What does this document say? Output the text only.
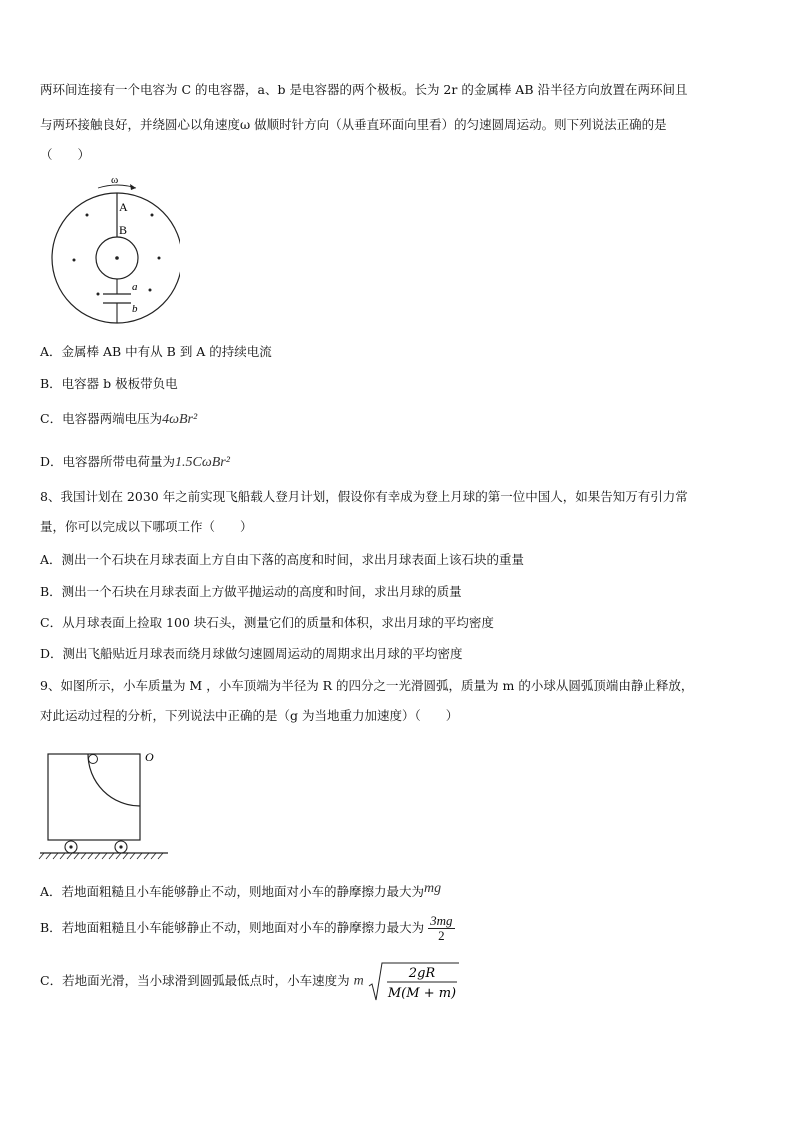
两环间连接有一个电容为 C 的电容器，a、b 是电容器的两个极板。长为 2r 的金属棒 AB 沿半径方向放置在两环间且
与两环接触良好，并绕圆心以角速度ω 做顺时针方向（从垂直环面向里看）的匀速圆周运动。则下列说法正确的是
（　　）
ω
A
B
a
b
A．金属棒 AB 中有从 B 到 A 的持续电流
B．电容器 b 极板带负电
C．电容器两端电压为4ωBr²
D．电容器所带电荷量为1.5CωBr²
8、我国计划在 2030 年之前实现飞船载人登月计划，假设你有幸成为登上月球的第一位中国人，如果告知万有引力常
量，你可以完成以下哪项工作（　　）
A．测出一个石块在月球表面上方自由下落的高度和时间，求出月球表面上该石块的重量
B．测出一个石块在月球表面上方做平抛运动的高度和时间，求出月球的质量
C．从月球表面上捡取 100 块石头，测量它们的质量和体积，求出月球的平均密度
D．测出飞船贴近月球表而绕月球做匀速圆周运动的周期求出月球的平均密度
9、如图所示，小车质量为 M ，小车顶端为半径为 R 的四分之一光滑圆弧，质量为 m 的小球从圆弧顶端由静止释放，
对此运动过程的分析，下列说法中正确的是（g 为当地重力加速度）（　　）
O
A．若地面粗糙且小车能够静止不动，则地面对小车的静摩擦力最大为mg
B．若地面粗糙且小车能够静止不动，则地面对小车的静摩擦力最大为 $\frac{3mg}{2}$
C．若地面光滑，当小球滑到圆弧最低点时，小车速度为 m	2gR
M(M + m)
